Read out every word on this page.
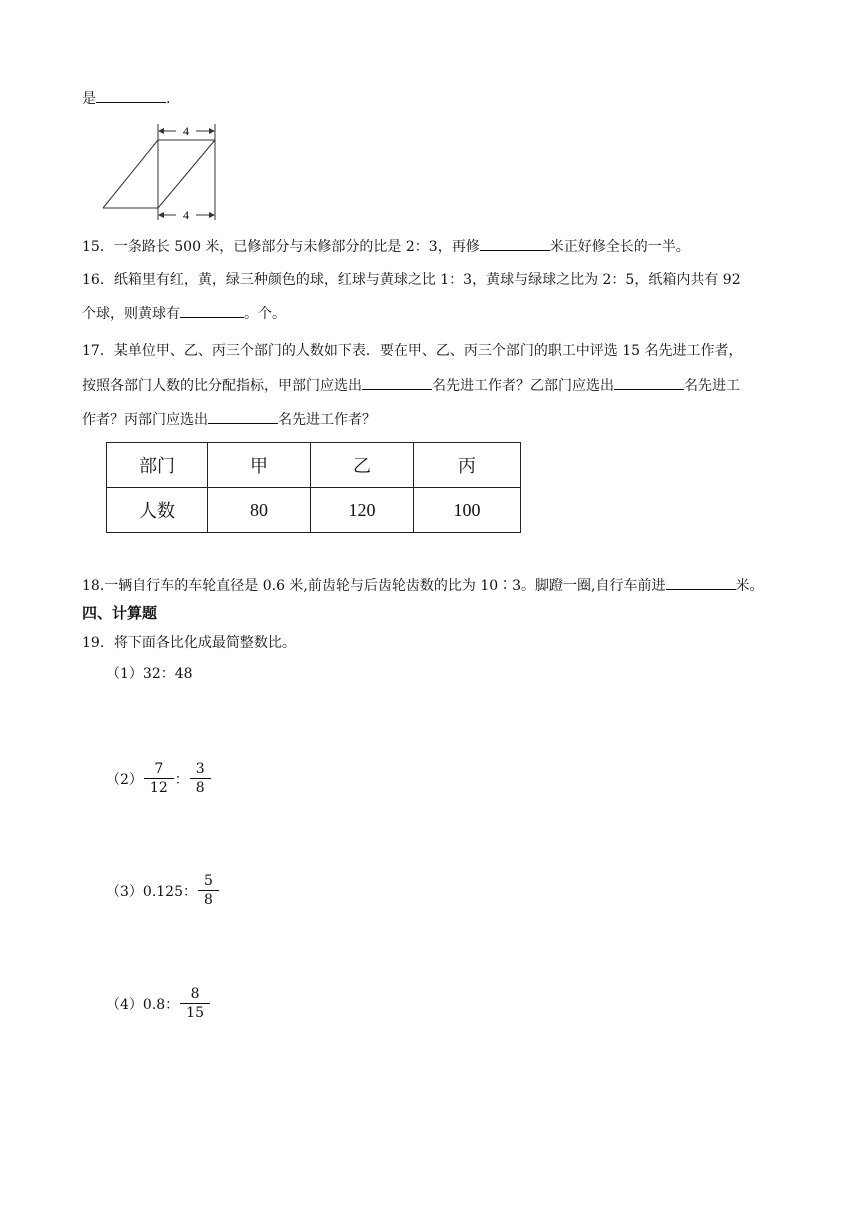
是	.
4
4
15．一条路长 500 米，已修部分与未修部分的比是 2：3，再修	米正好修全长的一半。
16．纸箱里有红，黄，绿三种颜色的球，红球与黄球之比 1：3，黄球与绿球之比为 2：5，纸箱内共有 92
个球，则黄球有	。个。
17．某单位甲、乙、丙三个部门的人数如下表．要在甲、乙、丙三个部门的职工中评选 15 名先进工作者，
按照各部门人数的比分配指标，甲部门应选出	名先进工作者？乙部门应选出	名先进工
作者？丙部门应选出	名先进工作者？
部门	甲	乙	丙
人数	80	120	100
18.一辆自行车的车轮直径是 0.6 米,前齿轮与后齿轮齿数的比为 10∶3。脚蹬一圈,自行车前进	米。
四、计算题
19．将下面各比化成最简整数比。
（1）32：48
$(2) \frac{7}{12}$ ： $\frac{3}{8}$
（3）0.125： $\frac{5}{8}$
（4）0.8： $\frac{8}{15}$
